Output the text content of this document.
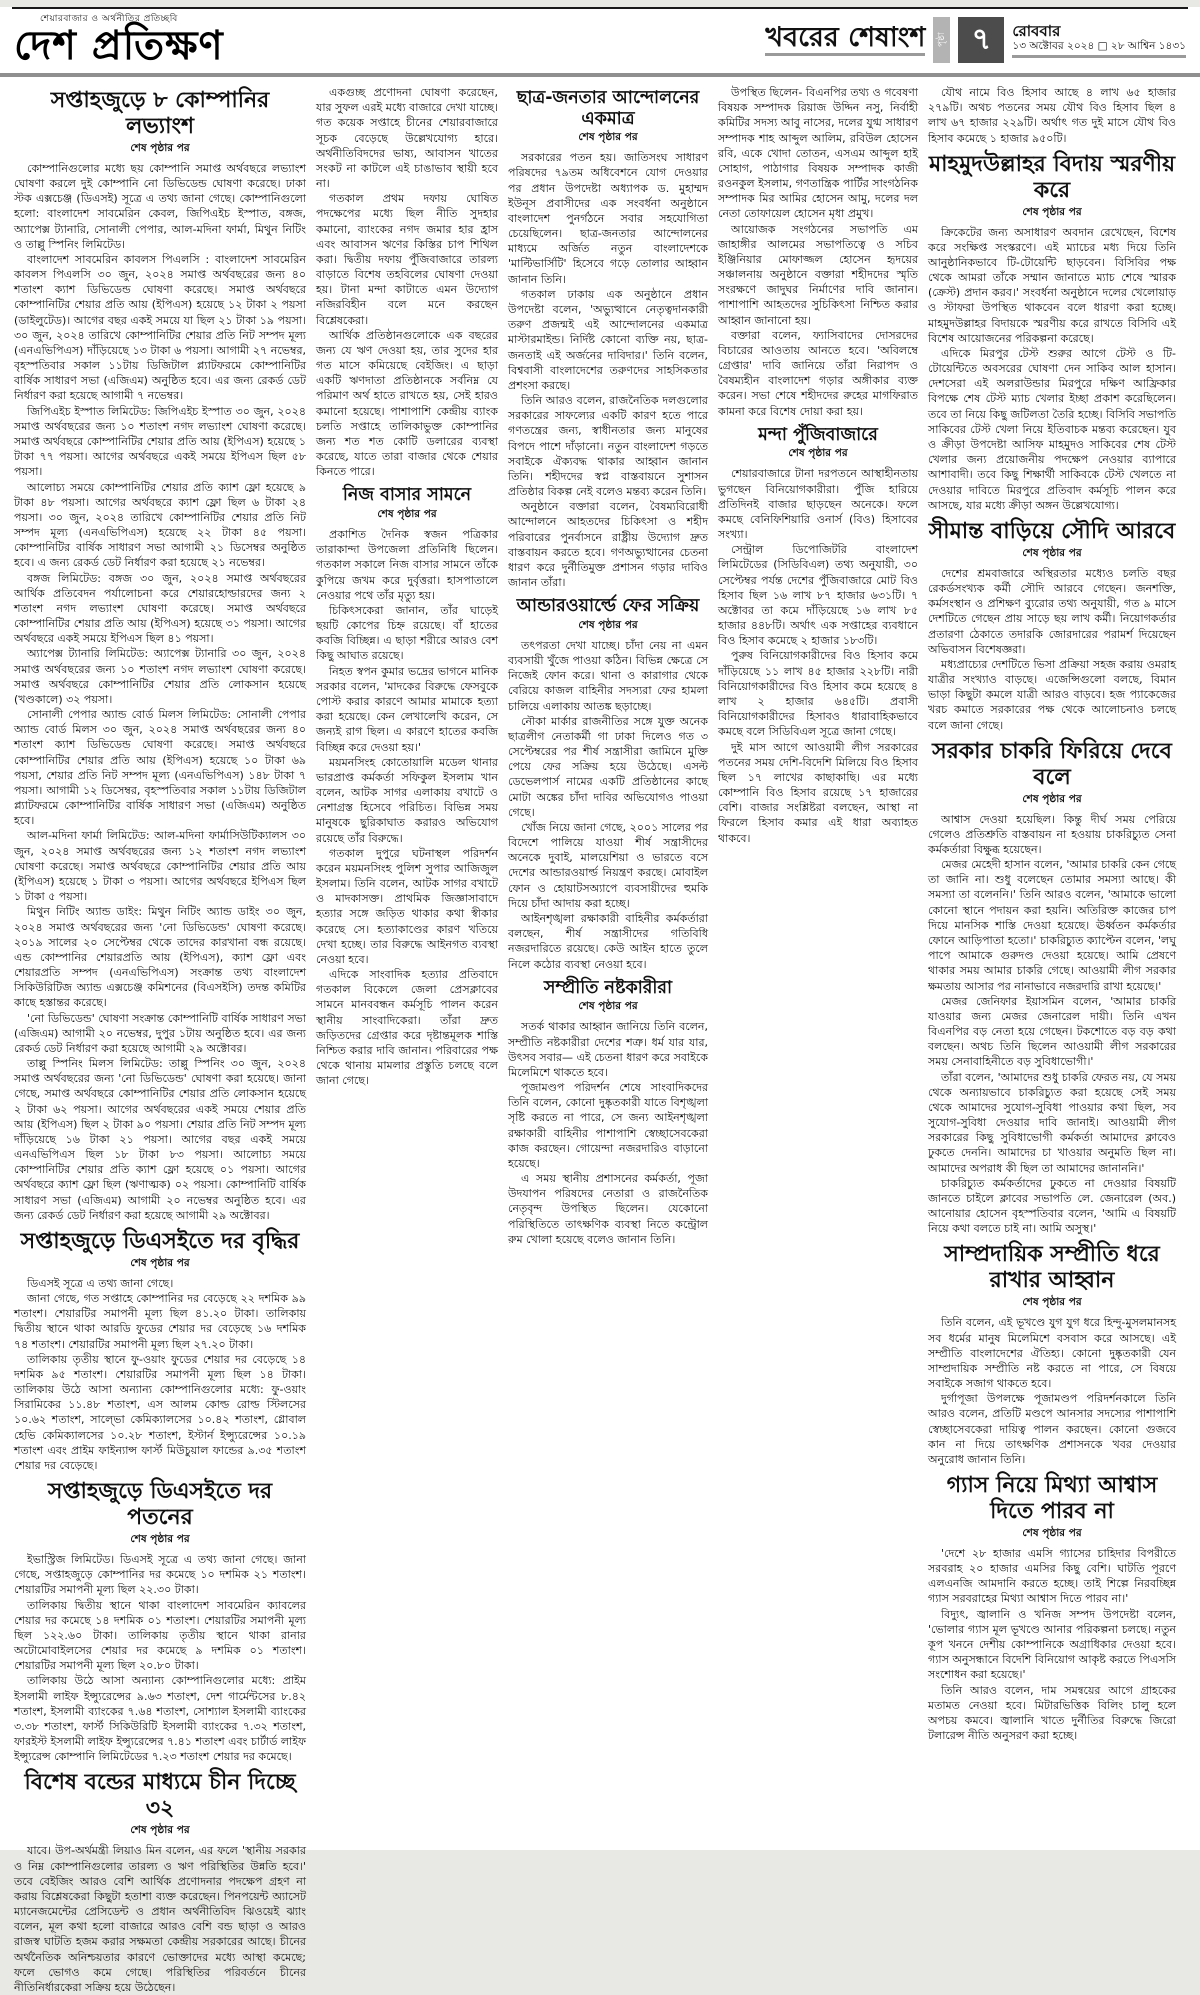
শেয়ারবাজার ও অর্থনীতির প্রতিচ্ছবি
দেশ প্রতিক্ষণ	খবরের শেষাংশ	পৃষ্ঠা ৭	রোববার
১৩ অক্টোবর ২০২৪ □ ২৮ আশ্বিন ১৪৩১
সপ্তাহজুড়ে ৮ কোম্পানির লভ্যাংশ
শেষ পৃষ্ঠার পর

কোম্পানিগুলোর মধ্যে ছয় কোম্পানি সমাপ্ত অর্থবছরে লভ্যাংশ ঘোষণা করলে দুই কোম্পানি নো ডিভিডেন্ড ঘোষণা করেছে। ঢাকা স্টক এক্সচেঞ্জ (ডিএসই) সূত্রে এ তথ্য জানা গেছে। কোম্পানিগুলো হলো: বাংলাদেশ সাবমেরিন কেবল, জিপিএইচ ইস্পাত, বঙ্গজ, অ্যাপেক্স ট্যানারি, সোনালী পেপার, আল-মদিনা ফার্মা, মিথুন নিটিং ও তাল্লু স্পিনিং লিমিটেড।

বাংলাদেশ সাবমেরিন কাবলস পিএলসি : বাংলাদেশ সাবমেরিন কাবলস পিএলসি ৩০ জুন, ২০২৪ সমাপ্ত অর্থবছরের জন্য ৪০ শতাংশ ক্যাশ ডিভিডেন্ড ঘোষণা করেছে। সমাপ্ত অর্থবছরে কোম্পানিটির শেয়ার প্রতি আয় (ইপিএস) হয়েছে ১২ টাকা ২ পয়সা (ডাইলুটেড)। আগের বছর একই সময়ে যা ছিল ২১ টাকা ১৯ পয়সা। ৩০ জুন, ২০২৪ তারিখে কোম্পানিটির শেয়ার প্রতি নিট সম্পদ মূল্য (এনএভিপিএস) দাঁড়িয়েছে ১৩ টাকা ৬ পয়সা। আগামী ২৭ নভেম্বর, বৃহস্পতিবার সকাল ১১টায় ডিজিটাল প্ল্যাটফরমে কোম্পানিটির বার্ষিক সাধারণ সভা (এজিএম) অনুষ্ঠিত হবে। এর জন্য রেকর্ড ডেট নির্ধারণ করা হয়েছে আগামী ৭ নভেম্বর।

জিপিএইচ ইস্পাত লিমিটেড: জিপিএইচ ইস্পাত ৩০ জুন, ২০২৪ সমাপ্ত অর্থবছরের জন্য ১০ শতাংশ নগদ লভ্যাংশ ঘোষণা করেছে। সমাপ্ত অর্থবছরে কোম্পানিটির শেয়ার প্রতি আয় (ইপিএস) হয়েছে ১ টাকা ৭৭ পয়সা। আগের অর্থবছরে একই সময়ে ইপিএস ছিল ৫৮ পয়সা।

আলোচ্য সময়ে কোম্পানিটির শেয়ার প্রতি ক্যাশ ফ্লো হয়েছে ৯ টাকা ৪৮ পয়সা। আগের অর্থবছরে ক্যাশ ফ্লো ছিল ৬ টাকা ২৪ পয়সা। ৩০ জুন, ২০২৪ তারিখে কোম্পানিটির শেয়ার প্রতি নিট সম্পদ মূল্য (এনএভিপিএস) হয়েছে ২২ টাকা ৪৫ পয়সা। কোম্পানিটির বার্ষিক সাধারণ সভা আগামী ২১ ডিসেম্বর অনুষ্ঠিত হবে। এ জন্য রেকর্ড ডেট নির্ধারণ করা হয়েছে ২১ নভেম্বর।

বঙ্গজ লিমিটেড: বঙ্গজ ৩০ জুন, ২০২৪ সমাপ্ত অর্থবছরের আর্থিক প্রতিবেদন পর্যালোচনা করে শেয়ারহোল্ডারদের জন্য ২ শতাংশ নগদ লভ্যাংশ ঘোষণা করেছে। সমাপ্ত অর্থবছরে কোম্পানিটির শেয়ার প্রতি আয় (ইপিএস) হয়েছে ৩১ পয়সা। আগের অর্থবছরে একই সময়ে ইপিএস ছিল ৪১ পয়সা।

অ্যাপেক্স ট্যানারি লিমিটেড: অ্যাপেক্স ট্যানারি ৩০ জুন, ২০২৪ সমাপ্ত অর্থবছরের জন্য ১০ শতাংশ নগদ লভ্যাংশ ঘোষণা করেছে। সমাপ্ত অর্থবছরে কোম্পানিটির শেয়ার প্রতি লোকসান হয়েছে (খণ্ডকালে) ৩২ পয়সা।

সোনালী পেপার অ্যান্ড বোর্ড মিলস লিমিটেড: সোনালী পেপার অ্যান্ড বোর্ড মিলস ৩০ জুন, ২০২৪ সমাপ্ত অর্থবছরের জন্য ৪০ শতাংশ ক্যাশ ডিভিডেন্ড ঘোষণা করেছে। সমাপ্ত অর্থবছরে কোম্পানিটির শেয়ার প্রতি আয় (ইপিএস) হয়েছে ১০ টাকা ৬৯ পয়সা, শেয়ার প্রতি নিট সম্পদ মূল্য (এনএভিপিএস) ১৪৮ টাকা ৭ পয়সা। আগামী ১২ ডিসেম্বর, বৃহস্পতিবার সকাল ১১টায় ডিজিটাল প্ল্যাটফরমে কোম্পানিটির বার্ষিক সাধারণ সভা (এজিএম) অনুষ্ঠিত হবে।

আল-মদিনা ফার্মা লিমিটেড: আল-মদিনা ফার্মাসিউটিক্যালস ৩০ জুন, ২০২৪ সমাপ্ত অর্থবছরের জন্য ১২ শতাংশ নগদ লভ্যাংশ ঘোষণা করেছে। সমাপ্ত অর্থবছরে কোম্পানিটির শেয়ার প্রতি আয় (ইপিএস) হয়েছে ১ টাকা ৩ পয়সা। আগের অর্থবছরে ইপিএস ছিল ১ টাকা ৫ পয়সা।

মিথুন নিটিং অ্যান্ড ডাইং: মিথুন নিটিং অ্যান্ড ডাইং ৩০ জুন, ২০২৪ সমাপ্ত অর্থবছরের জন্য 'নো ডিভিডেন্ড' ঘোষণা করেছে। ২০১৯ সালের ২০ সেপ্টেম্বর থেকে তাদের কারখানা বন্ধ রয়েছে। এন্ড কোম্পানির শেয়ারপ্রতি আয় (ইপিএস), ক্যাশ ফ্লো এবং শেয়ারপ্রতি সম্পদ (এনএভিপিএস) সংক্রান্ত তথ্য বাংলাদেশ সিকিউরিটিজ অ্যান্ড এক্সচেঞ্জ কমিশনের (বিএসইসি) তদন্ত কমিটির কাছে হস্তান্তর করেছে।

'নো ডিভিডেন্ড' ঘোষণা সংক্রান্ত কোম্পানিটি বার্ষিক সাধারণ সভা (এজিএম) আগামী ২০ নভেম্বর, দুপুর ১টায় অনুষ্ঠিত হবে। এর জন্য রেকর্ড ডেট নির্ধারণ করা হয়েছে আগামী ২৯ অক্টোবর।

তাল্লু স্পিনিং মিলস লিমিটেড: তাল্লু স্পিনিং ৩০ জুন, ২০২৪ সমাপ্ত অর্থবছরের জন্য 'নো ডিভিডেন্ড' ঘোষণা করা হয়েছে। জানা গেছে, সমাপ্ত অর্থবছরে কোম্পানিটির শেয়ার প্রতি লোকসান হয়েছে ২ টাকা ৬২ পয়সা। আগের অর্থবছরের একই সময়ে শেয়ার প্রতি আয় (ইপিএস) ছিল ২ টাকা ৯০ পয়সা। শেয়ার প্রতি নিট সম্পদ মূল্য দাঁড়িয়েছে ১৬ টাকা ২১ পয়সা। আগের বছর একই সময়ে এনএভিপিএস ছিল ১৮ টাকা ৮৩ পয়সা। আলোচ্য সময়ে কোম্পানিটির শেয়ার প্রতি ক্যাশ ফ্লো হয়েছে ০১ পয়সা। আগের অর্থবছরে ক্যাশ ফ্লো ছিল (ঋণাত্মক) ০২ পয়সা। কোম্পানিটি বার্ষিক সাধারণ সভা (এজিএম) আগামী ২০ নভেম্বর অনুষ্ঠিত হবে। এর জন্য রেকর্ড ডেট নির্ধারণ করা হয়েছে আগামী ২৯ অক্টোবর।

সপ্তাহজুড়ে ডিএসইতে দর বৃদ্ধির
শেষ পৃষ্ঠার পর

ডিএসই সূত্রে এ তথ্য জানা গেছে।

জানা গেছে, গত সপ্তাহে কোম্পানির দর বেড়েছে ২২ দশমিক ৯৯ শতাংশ। শেয়ারটির সমাপনী মূল্য ছিল ৪১.২০ টাকা। তালিকায় দ্বিতীয় স্থানে থাকা আরডি ফুডের শেয়ার দর বেড়েছে ১৬ দশমিক ৭৪ শতাংশ। শেয়ারটির সমাপনী মূল্য ছিল ২৭.২০ টাকা।

তালিকায় তৃতীয় স্থানে ফু-ওয়াং ফুডের শেয়ার দর বেড়েছে ১৪ দশমিক ৯৫ শতাংশ। শেয়ারটির সমাপনী মূল্য ছিল ১৪ টাকা। তালিকায় উঠে আসা অন্যান্য কোম্পানিগুলোর মধ্যে: ফু-ওয়াং সিরামিকের ১১.৪৮ শতাংশ, এস আলম কোল্ড রোল্ড স্টিলসের ১০.৬২ শতাংশ, সাল্ভো কেমিক্যালসের ১০.৪২ শতাংশ, গ্লোবাল হেভি কেমিক্যালসের ১০.২৮ শতাংশ, ইস্টার্ন ইন্স্যুরেন্সের ১০.১৯ শতাংশ এবং প্রাইম ফাইন্যান্স ফার্স্ট মিউচুয়াল ফান্ডের ৯.৩৫ শতাংশ শেয়ার দর বেড়েছে।

সপ্তাহজুড়ে ডিএসইতে দর পতনের
শেষ পৃষ্ঠার পর

ইভাস্ট্রিজ লিমিটেড। ডিএসই সূত্রে এ তথ্য জানা গেছে। জানা গেছে, সপ্তাহজুড়ে কোম্পানির দর কমেছে ১০ দশমিক ২১ শতাংশ। শেয়ারটির সমাপনী মূল্য ছিল ২২.৩০ টাকা।

তালিকায় দ্বিতীয় স্থানে থাকা বাংলাদেশ সাবমেরিন ক্যাবলের শেয়ার দর কমেছে ১৪ দশমিক ০১ শতাংশ। শেয়ারটির সমাপনী মূল্য ছিল ১২২.৬০ টাকা। তালিকায় তৃতীয় স্থানে থাকা রানার অটোমোবাইলসের শেয়ার দর কমেছে ৯ দশমিক ০১ শতাংশ। শেয়ারটির সমাপনী মূল্য ছিল ২০.৮০ টাকা।

তালিকায় উঠে আসা অন্যান্য কোম্পানিগুলোর মধ্যে: প্রাইম ইসলামী লাইফ ইন্স্যুরেন্সের ৯.৬৩ শতাংশ, দেশ গার্মেন্টসের ৮.৪২ শতাংশ, ইসলামী ব্যাংকের ৭.৬৪ শতাংশ, সোশ্যাল ইসলামী ব্যাংকের ৩.৩৮ শতাংশ, ফার্স্ট সিকিউরিটি ইসলামী ব্যাংকের ৭.৩২ শতাংশ, ফারইস্ট ইসলামী লাইফ ইন্স্যুরেন্সের ৭.৪১ শতাংশ এবং চার্টার্ড লাইফ ইন্স্যুরেন্স কোম্পানি লিমিটেডের ৭.২৩ শতাংশ শেয়ার দর কমেছে।

বিশেষ বন্ডের মাধ্যমে চীন দিচ্ছে ৩২
শেষ পৃষ্ঠার পর

যাবে। উপ-অর্থমন্ত্রী লিয়াও মিন বলেন, এর ফলে 'স্থানীয় সরকার ও নিম্ন কোম্পানিগুলোর তারল্য ও ঋণ পরিস্থিতির উন্নতি হবে।' তবে বেইজিং আরও বেশি আর্থিক প্রণোদনার পদক্ষেপ গ্রহণ না করায় বিশ্লেষকেরা কিছুটা হতাশা ব্যক্ত করেছেন। পিনপয়েন্ট অ্যাসেট ম্যানেজমেন্টের প্রেসিডেন্ট ও প্রধান অর্থনীতিবিদ ঝিওয়েই ঝ্যাং বলেন, মূল কথা হলো বাজারে আরও বেশি বন্ড ছাড়া ও আরও রাজস্ব ঘাটতি হজম করার সক্ষমতা কেন্দ্রীয় সরকারের আছে। চীনের অর্থনৈতিক অনিশ্চয়তার কারণে ভোক্তাদের মধ্যে আস্থা কমেছে; ফলে ভোগও কমে গেছে। পরিস্থিতির পরিবর্তনে চীনের নীতিনির্ধারকেরা সক্রিয় হয়ে উঠেছেন।

একগুচ্ছ প্রণোদনা ঘোষণা করেছেন, যার সুফল এরই মধ্যে বাজারে দেখা যাচ্ছে। গত কয়েক সপ্তাহে চীনের শেয়ারবাজারে সূচক বেড়েছে উল্লেখযোগ্য হারে। অর্থনীতিবিদদের ভাষ্য, আবাসন খাতের সংকট না কাটলে এই চাঙাভাব স্থায়ী হবে না।

গতকাল প্রথম দফায় ঘোষিত পদক্ষেপের মধ্যে ছিল নীতি সুদহার কমানো, ব্যাংকের নগদ জমার হার হ্রাস এবং আবাসন ঋণের কিস্তির চাপ শিথিল করা। দ্বিতীয় দফায় পুঁজিবাজারে তারল্য বাড়াতে বিশেষ তহবিলের ঘোষণা দেওয়া হয়। টানা মন্দা কাটাতে এমন উদ্যোগ নজিরবিহীন বলে মনে করছেন বিশ্লেষকেরা।

আর্থিক প্রতিষ্ঠানগুলোকে এক বছরের জন্য যে ঋণ দেওয়া হয়, তার সুদের হার গত মাসে কমিয়েছে বেইজিং। এ ছাড়া একটি ঋণদাতা প্রতিষ্ঠানকে সর্বনিম্ন যে পরিমাণ অর্থ হাতে রাখতে হয়, সেই হারও কমানো হয়েছে। পাশাপাশি কেন্দ্রীয় ব্যাংক চলতি সপ্তাহে তালিকাভুক্ত কোম্পানির জন্য শত শত কোটি ডলারের ব্যবস্থা করেছে, যাতে তারা বাজার থেকে শেয়ার কিনতে পারে।

নিজ বাসার সামনে
শেষ পৃষ্ঠার পর

প্রকাশিত দৈনিক স্বজন পত্রিকার তারাকান্দা উপজেলা প্রতিনিধি ছিলেন। গতকাল সকালে নিজ বাসার সামনে তাঁকে কুপিয়ে জখম করে দুর্বৃত্তরা। হাসপাতালে নেওয়ার পথে তাঁর মৃত্যু হয়।

চিকিৎসকেরা জানান, তাঁর ঘাড়েই ছয়টি কোপের চিহ্ন রয়েছে। বাঁ হাতের কবজি বিচ্ছিন্ন। এ ছাড়া শরীরে আরও বেশ কিছু আঘাত রয়েছে।

নিহত স্বপন কুমার ভদ্রের ভাগনে মানিক সরকার বলেন, 'মাদকের বিরুদ্ধে ফেসবুকে পোস্ট করার কারণে আমার মামাকে হত্যা করা হয়েছে। কেন লেখালেখি করেন, সে জন্যই রাগ ছিল। এ কারণে হাতের কবজি বিচ্ছিন্ন করে দেওয়া হয়।'

ময়মনসিংহ কোতোয়ালি মডেল থানার ভারপ্রাপ্ত কর্মকর্তা সফিকুল ইসলাম খান বলেন, আটক সাগর এলাকায় বখাটে ও নেশাগ্রস্ত হিসেবে পরিচিত। বিভিন্ন সময় মানুষকে ছুরিকাঘাত করারও অভিযোগ রয়েছে তাঁর বিরুদ্ধে।

গতকাল দুপুরে ঘটনাস্থল পরিদর্শন করেন ময়মনসিংহ পুলিশ সুপার আজিজুল ইসলাম। তিনি বলেন, আটক সাগর বখাটে ও মাদকাসক্ত। প্রাথমিক জিজ্ঞাসাবাদে হত্যার সঙ্গে জড়িত থাকার কথা স্বীকার করেছে সে। হত্যাকাণ্ডের কারণ খতিয়ে দেখা হচ্ছে। তার বিরুদ্ধে আইনগত ব্যবস্থা নেওয়া হবে।

এদিকে সাংবাদিক হত্যার প্রতিবাদে গতকাল বিকেলে জেলা প্রেসক্লাবের সামনে মানববন্ধন কর্মসূচি পালন করেন স্থানীয় সাংবাদিকেরা। তাঁরা দ্রুত জড়িতদের গ্রেপ্তার করে দৃষ্টান্তমূলক শাস্তি নিশ্চিত করার দাবি জানান। পরিবারের পক্ষ থেকে থানায় মামলার প্রস্তুতি চলছে বলে জানা গেছে।

ছাত্র-জনতার আন্দোলনের একমাত্র
শেষ পৃষ্ঠার পর

সরকারের পতন হয়। জাতিসংঘ সাধারণ পরিষদের ৭৯তম অধিবেশনে যোগ দেওয়ার পর প্রধান উপদেষ্টা অধ্যাপক ড. মুহাম্মদ ইউনূস প্রবাসীদের এক সংবর্ধনা অনুষ্ঠানে বাংলাদেশ পুনর্গঠনে সবার সহযোগিতা চেয়েছিলেন। ছাত্র-জনতার আন্দোলনের মাধ্যমে অর্জিত নতুন বাংলাদেশকে 'মাল্টিভার্সিটি' হিসেবে গড়ে তোলার আহ্বান জানান তিনি।

গতকাল ঢাকায় এক অনুষ্ঠানে প্রধান উপদেষ্টা বলেন, 'অভ্যুত্থানে নেতৃত্বদানকারী তরুণ প্রজন্মই এই আন্দোলনের একমাত্র মাস্টারমাইন্ড। নির্দিষ্ট কোনো ব্যক্তি নয়, ছাত্র-জনতাই এই অর্জনের দাবিদার।' তিনি বলেন, বিশ্ববাসী বাংলাদেশের তরুণদের সাহসিকতার প্রশংসা করছে।

তিনি আরও বলেন, রাজনৈতিক দলগুলোর সরকারের সাফল্যের একটি কারণ হতে পারে গণতন্ত্রের জন্য, স্বাধীনতার জন্য মানুষের বিপদে পাশে দাঁড়ানো। নতুন বাংলাদেশ গড়তে সবাইকে ঐক্যবদ্ধ থাকার আহ্বান জানান তিনি। শহীদদের স্বপ্ন বাস্তবায়নে সুশাসন প্রতিষ্ঠার বিকল্প নেই বলেও মন্তব্য করেন তিনি।

অনুষ্ঠানে বক্তারা বলেন, বৈষম্যবিরোধী আন্দোলনে আহতদের চিকিৎসা ও শহীদ পরিবারের পুনর্বাসনে রাষ্ট্রীয় উদ্যোগ দ্রুত বাস্তবায়ন করতে হবে। গণঅভ্যুত্থানের চেতনা ধারণ করে দুর্নীতিমুক্ত প্রশাসন গড়ার দাবিও জানান তাঁরা।

আন্ডারওয়ার্ল্ডে ফের সক্রিয়
শেষ পৃষ্ঠার পর

তৎপরতা দেখা যাচ্ছে। চাঁদা নেয় না এমন ব্যবসায়ী খুঁজে পাওয়া কঠিন। বিভিন্ন ক্ষেত্রে সে নিজেই ফোন করে। থানা ও কারাগার থেকে বেরিয়ে কাজল বাহিনীর সদস্যরা ফের হামলা চালিয়ে এলাকায় আতঙ্ক ছড়াচ্ছে।

নৌকা মার্কার রাজনীতির সঙ্গে যুক্ত অনেক ছাত্রলীগ নেতাকর্মী গা ঢাকা দিলেও গত ৩ সেপ্টেম্বরের পর শীর্ষ সন্ত্রাসীরা জামিনে মুক্তি পেয়ে ফের সক্রিয় হয়ে উঠেছে। এসল্ট ডেভেলপার্স নামের একটি প্রতিষ্ঠানের কাছে মোটা অঙ্কের চাঁদা দাবির অভিযোগও পাওয়া গেছে।

খোঁজ নিয়ে জানা গেছে, ২০০১ সালের পর বিদেশে পালিয়ে যাওয়া শীর্ষ সন্ত্রাসীদের অনেকে দুবাই, মালয়েশিয়া ও ভারতে বসে দেশের আন্ডারওয়ার্ল্ড নিয়ন্ত্রণ করছে। মোবাইল ফোন ও হোয়াটসঅ্যাপে ব্যবসায়ীদের হুমকি দিয়ে চাঁদা আদায় করা হচ্ছে।

আইনশৃঙ্খলা রক্ষাকারী বাহিনীর কর্মকর্তারা বলছেন, শীর্ষ সন্ত্রাসীদের গতিবিধি নজরদারিতে রয়েছে। কেউ আইন হাতে তুলে নিলে কঠোর ব্যবস্থা নেওয়া হবে।

সম্প্রীতি নষ্টকারীরা
শেষ পৃষ্ঠার পর

সতর্ক থাকার আহ্বান জানিয়ে তিনি বলেন, সম্প্রীতি নষ্টকারীরা দেশের শত্রু। ধর্ম যার যার, উৎসব সবার— এই চেতনা ধারণ করে সবাইকে মিলেমিশে থাকতে হবে।

পূজামণ্ডপ পরিদর্শন শেষে সাংবাদিকদের তিনি বলেন, কোনো দুষ্কৃতকারী যাতে বিশৃঙ্খলা সৃষ্টি করতে না পারে, সে জন্য আইনশৃঙ্খলা রক্ষাকারী বাহিনীর পাশাপাশি স্বেচ্ছাসেবকেরা কাজ করছেন। গোয়েন্দা নজরদারিও বাড়ানো হয়েছে।

এ সময় স্থানীয় প্রশাসনের কর্মকর্তা, পূজা উদযাপন পরিষদের নেতারা ও রাজনৈতিক নেতৃবৃন্দ উপস্থিত ছিলেন। যেকোনো পরিস্থিতিতে তাৎক্ষণিক ব্যবস্থা নিতে কন্ট্রোল রুম খোলা হয়েছে বলেও জানান তিনি।

উপস্থিত ছিলেন- বিএনপির তথ্য ও গবেষণা বিষয়ক সম্পাদক রিয়াজ উদ্দিন নসু, নির্বাহী কমিটির সদস্য আবু নাসের, দলের যুগ্ম সাধারণ সম্পাদক শাহ আব্দুল আলিম, রবিউল হোসেন রবি, একে খোদা তোতন, এসএম আব্দুল হাই সোহাগ, পাঠাগার বিষয়ক সম্পাদক কাজী রওনকুল ইসলাম, গণতান্ত্রিক পার্টির সাংগঠনিক সম্পাদক মির আমির হোসেন আমু, দলের দল নেতা তোফায়েল হোসেন মৃধা প্রমুখ।

আয়োজক সংগঠনের সভাপতি এম জাহাঙ্গীর আলমের সভাপতিত্বে ও সচিব ইঞ্জিনিয়ার মোফাজ্জল হোসেন হৃদয়ের সঞ্চালনায় অনুষ্ঠানে বক্তারা শহীদদের স্মৃতি সংরক্ষণে জাদুঘর নির্মাণের দাবি জানান। পাশাপাশি আহতদের সুচিকিৎসা নিশ্চিত করার আহ্বান জানানো হয়।

বক্তারা বলেন, ফ্যাসিবাদের দোসরদের বিচারের আওতায় আনতে হবে। 'অবিলম্বে গ্রেপ্তার' দাবি জানিয়ে তাঁরা নিরাপদ ও বৈষম্যহীন বাংলাদেশ গড়ার অঙ্গীকার ব্যক্ত করেন। সভা শেষে শহীদদের রুহের মাগফিরাত কামনা করে বিশেষ দোয়া করা হয়।

মন্দা পুঁজিবাজারে
শেষ পৃষ্ঠার পর

শেয়ারবাজারে টানা দরপতনে আস্থাহীনতায় ভুগছেন বিনিয়োগকারীরা। পুঁজি হারিয়ে প্রতিদিনই বাজার ছাড়ছেন অনেকে। ফলে কমছে বেনিফিশিয়ারি ওনার্স (বিও) হিসাবের সংখ্যা।

সেন্ট্রাল ডিপোজিটরি বাংলাদেশ লিমিটেডের (সিডিবিএল) তথ্য অনুযায়ী, ৩০ সেপ্টেম্বর পর্যন্ত দেশের পুঁজিবাজারে মোট বিও হিসাব ছিল ১৬ লাখ ৮৭ হাজার ৬৩১টি। ৭ অক্টোবর তা কমে দাঁড়িয়েছে ১৬ লাখ ৮৫ হাজার ৪৪৮টি। অর্থাৎ এক সপ্তাহের ব্যবধানে বিও হিসাব কমেছে ২ হাজার ১৮৩টি।

পুরুষ বিনিয়োগকারীদের বিও হিসাব কমে দাঁড়িয়েছে ১১ লাখ ৪৫ হাজার ২২৮টি। নারী বিনিয়োগকারীদের বিও হিসাব কমে হয়েছে ৪ লাখ ২ হাজার ৬৪৫টি। প্রবাসী বিনিয়োগকারীদের হিসাবও ধারাবাহিকভাবে কমছে বলে সিডিবিএল সূত্রে জানা গেছে।

দুই মাস আগে আওয়ামী লীগ সরকারের পতনের সময় দেশি-বিদেশি মিলিয়ে বিও হিসাব ছিল ১৭ লাখের কাছাকাছি। এর মধ্যে কোম্পানি বিও হিসাব রয়েছে ১৭ হাজারের বেশি। বাজার সংশ্লিষ্টরা বলছেন, আস্থা না ফিরলে হিসাব কমার এই ধারা অব্যাহত থাকবে।

যৌথ নামে বিও হিসাব আছে ৪ লাখ ৬৫ হাজার ২৭৯টি। অথচ পতনের সময় যৌথ বিও হিসাব ছিল ৪ লাখ ৬৭ হাজার ২২৯টি। অর্থাৎ গত দুই মাসে যৌথ বিও হিসাব কমেছে ১ হাজার ৯৫০টি।

মাহমুদউল্লাহর বিদায় স্মরণীয় করে
শেষ পৃষ্ঠার পর

ক্রিকেটের জন্য অসাধারণ অবদান রেখেছেন, বিশেষ করে সংক্ষিপ্ত সংস্করণে। এই ম্যাচের মধ্য দিয়ে তিনি আনুষ্ঠানিকভাবে টি-টোয়েন্টি ছাড়বেন। বিসিবির পক্ষ থেকে আমরা তাঁকে সম্মান জানাতে ম্যাচ শেষে স্মারক (ক্রেস্ট) প্রদান করব।' সংবর্ধনা অনুষ্ঠানে দলের খেলোয়াড় ও স্টাফরা উপস্থিত থাকবেন বলে ধারণা করা হচ্ছে। মাহমুদউল্লাহর বিদায়কে স্মরণীয় করে রাখতে বিসিবি এই বিশেষ আয়োজনের পরিকল্পনা করেছে।

এদিকে মিরপুর টেস্ট শুরুর আগে টেস্ট ও টি-টোয়েন্টিতে অবসরের ঘোষণা দেন সাকিব আল হাসান। দেশসেরা এই অলরাউন্ডার মিরপুরে দক্ষিণ আফ্রিকার বিপক্ষে শেষ টেস্ট ম্যাচ খেলার ইচ্ছা প্রকাশ করেছিলেন। তবে তা নিয়ে কিছু জটিলতা তৈরি হচ্ছে। বিসিবি সভাপতি সাকিবের টেস্ট খেলা নিয়ে ইতিবাচক মন্তব্য করেছেন। যুব ও ক্রীড়া উপদেষ্টা আসিফ মাহমুদও সাকিবের শেষ টেস্ট খেলার জন্য প্রয়োজনীয় পদক্ষেপ নেওয়ার ব্যাপারে আশাবাদী। তবে কিছু শিক্ষার্থী সাকিবকে টেস্ট খেলতে না দেওয়ার দাবিতে মিরপুরে প্রতিবাদ কর্মসূচি পালন করে আসছে, যার মধ্যে ক্রীড়া অঙ্গন উল্লেখযোগ্য।

সীমান্ত বাড়িয়ে সৌদি আরবে
শেষ পৃষ্ঠার পর

দেশের শ্রমবাজারে অস্থিরতার মধ্যেও চলতি বছর রেকর্ডসংখ্যক কর্মী সৌদি আরবে গেছেন। জনশক্তি, কর্মসংস্থান ও প্রশিক্ষণ ব্যুরোর তথ্য অনুযায়ী, গত ৯ মাসে দেশটিতে গেছেন প্রায় সাড়ে ছয় লাখ কর্মী। নিয়োগকর্তার প্রতারণা ঠেকাতে তদারকি জোরদারের পরামর্শ দিয়েছেন অভিবাসন বিশেষজ্ঞরা।

মধ্যপ্রাচ্যের দেশটিতে ভিসা প্রক্রিয়া সহজ করায় ওমরাহ যাত্রীর সংখ্যাও বাড়ছে। এজেন্সিগুলো বলছে, বিমান ভাড়া কিছুটা কমলে যাত্রী আরও বাড়বে। হজ প্যাকেজের খরচ কমাতে সরকারের পক্ষ থেকে আলোচনাও চলছে বলে জানা গেছে।

সরকার চাকরি ফিরিয়ে দেবে বলে
শেষ পৃষ্ঠার পর

আশ্বাস দেওয়া হয়েছিল। কিন্তু দীর্ঘ সময় পেরিয়ে গেলেও প্রতিশ্রুতি বাস্তবায়ন না হওয়ায় চাকরিচ্যুত সেনা কর্মকর্তারা বিক্ষুব্ধ হয়েছেন।

মেজর মেহেদী হাসান বলেন, 'আমার চাকরি কেন গেছে তা জানি না। শুধু বলেছেন তোমার সমস্যা আছে। কী সমস্যা তা বলেননি।' তিনি আরও বলেন, 'আমাকে ভালো কোনো স্থানে পদায়ন করা হয়নি। অতিরিক্ত কাজের চাপ দিয়ে মানসিক শাস্তি দেওয়া হয়েছে। ঊর্ধ্বতন কর্মকর্তার ফোনে আড়িপাতা হতো।' চাকরিচ্যুত ক্যাপ্টেন বলেন, 'লঘু পাপে আমাকে গুরুদণ্ড দেওয়া হয়েছে। আমি প্রেষণে থাকার সময় আমার চাকরি গেছে। আওয়ামী লীগ সরকার ক্ষমতায় আসার পর নানাভাবে নজরদারি রাখা হয়েছে।'

মেজর জেনিফার ইয়াসমিন বলেন, 'আমার চাকরি যাওয়ার জন্য মেজর জেনারেল দায়ী। তিনি এখন বিএনপির বড় নেতা হয়ে গেছেন। টকশোতে বড় বড় কথা বলছেন। অথচ তিনি ছিলেন আওয়ামী লীগ সরকারের সময় সেনাবাহিনীতে বড় সুবিধাভোগী।'

তাঁরা বলেন, 'আমাদের শুধু চাকরি ফেরত নয়, যে সময় থেকে অন্যায়ভাবে চাকরিচ্যুত করা হয়েছে সেই সময় থেকে আমাদের সুযোগ-সুবিধা পাওয়ার কথা ছিল, সব সুযোগ-সুবিধা দেওয়ার দাবি জানাই। আওয়ামী লীগ সরকারের কিছু সুবিধাভোগী কর্মকর্তা আমাদের ক্লাবেও ঢুকতে দেননি। আমাদের চা খাওয়ার অনুমতি ছিল না। আমাদের অপরাধ কী ছিল তা আমাদের জানাননি।'

চাকরিচ্যুত কর্মকর্তাদের ঢুকতে না দেওয়ার বিষয়টি জানতে চাইলে ক্লাবের সভাপতি লে. জেনারেল (অব.) আনোয়ার হোসেন বৃহস্পতিবার বলেন, 'আমি এ বিষয়টি নিয়ে কথা বলতে চাই না। আমি অসুস্থ।'

সাম্প্রদায়িক সম্প্রীতি ধরে রাখার আহ্বান
শেষ পৃষ্ঠার পর

তিনি বলেন, এই ভূখণ্ডে যুগ যুগ ধরে হিন্দু-মুসলমানসহ সব ধর্মের মানুষ মিলেমিশে বসবাস করে আসছে। এই সম্প্রীতি বাংলাদেশের ঐতিহ্য। কোনো দুষ্কৃতকারী যেন সাম্প্রদায়িক সম্প্রীতি নষ্ট করতে না পারে, সে বিষয়ে সবাইকে সজাগ থাকতে হবে।

দুর্গাপূজা উপলক্ষে পূজামণ্ডপ পরিদর্শনকালে তিনি আরও বলেন, প্রতিটি মণ্ডপে আনসার সদস্যের পাশাপাশি স্বেচ্ছাসেবকেরা দায়িত্ব পালন করছেন। কোনো গুজবে কান না দিয়ে তাৎক্ষণিক প্রশাসনকে খবর দেওয়ার অনুরোধ জানান তিনি।

গ্যাস নিয়ে মিথ্যা আশ্বাস দিতে পারব না
শেষ পৃষ্ঠার পর

'দেশে ২৮ হাজার এমসি গ্যাসের চাহিদার বিপরীতে সরবরাহ ২০ হাজার এমসির কিছু বেশি। ঘাটতি পূরণে এলএনজি আমদানি করতে হচ্ছে। তাই শিল্পে নিরবচ্ছিন্ন গ্যাস সরবরাহের মিথ্যা আশ্বাস দিতে পারব না।'

বিদ্যুৎ, জ্বালানি ও খনিজ সম্পদ উপদেষ্টা বলেন, 'ভোলার গ্যাস মূল ভূখণ্ডে আনার পরিকল্পনা চলছে। নতুন কূপ খননে দেশীয় কোম্পানিকে অগ্রাধিকার দেওয়া হবে। গ্যাস অনুসন্ধানে বিদেশি বিনিয়োগ আকৃষ্ট করতে পিএসসি সংশোধন করা হয়েছে।'

তিনি আরও বলেন, দাম সমন্বয়ের আগে গ্রাহকের মতামত নেওয়া হবে। মিটারভিত্তিক বিলিং চালু হলে অপচয় কমবে। জ্বালানি খাতে দুর্নীতির বিরুদ্ধে জিরো টলারেন্স নীতি অনুসরণ করা হচ্ছে।
